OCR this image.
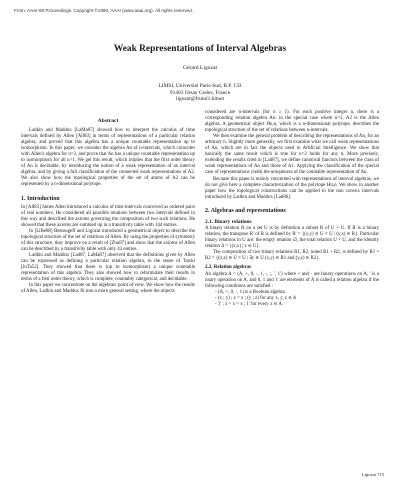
From: AAAI-90 Proceedings. Copyright ©1990, AAAI (www.aaai.org). All rights reserved.
Weak Representations of Interval Algebras
Gérard Ligozat
LIMSI, Université Paris-Sud, B.P. 133
91403 Orsay Cedex, France
ligozat@frutol1.bitnet
Abstract

Ladkin and Maddux [LaMa87] showed how to interpret the calculus of time intervals defined by Allen [All83] in terms of representations of a particular relation algebra, and proved that this algebra has a unique countable representation up to isomorphism. In this paper, we consider the algebra An of n-intervals, which coincides with Allen's algebra for n=2, and prove that An has a unique countable representation up to isomorphism for all n>1. We get this result, which implies that the first order theory of An is decidable, by introducing the notion of a weak representation of an interval algebra, and by giving a full classification of the connected weak representations of A2. We also show how the topological properties of the set of atoms of A2 can be represented by a n-dimensional polytope.

1. Introduction

In [All83] James Allen introduced a calculus of time intervals conceived as ordered pairs of real numbers. He considered all possible relations between two intervals defined in this way and described the axioms governing the composition of two such relations. He showed that these axioms are summed up in a transitivity table with 144 entries.

In [LiBe88] Bestougeff and Ligozat introduced a geometrical object to describe the topological structure of the set of relations of Allen. By using the properties of symmetry of this structure, they improve on a result of [Zhu87] and show that the axioms of Allen can be described by a transitivity table with only 43 entries.

Ladkin and Maddux [Lad87, LaMa87] observed that the definitions given by Allen can be expressed as defining a particular relation algebra, in the sense of Tarski [JoTa52]. They showed that there is (up to isomorphism) a unique countable representation of this algebra. They also showed how to reformulate their results in terms of a first order theory, which is complete, countably categorical, and decidable.

In this paper we concentrate on the algebraic point of view. We show how the results of Allen, Ladkin and Maddux fit into a more general setting, where the objects

considered are n-intervals (for n ≥ 1). For each positive integer n, there is a corresponding relation algebra An: in the special case where n=2, A2 is the Allen algebra. A geometrical object Hn,n, which is a n-dimensional polytope, describes the topological structure of the set of relations between n-intervals.

We then examine the general problem of describing the representations of An, for an arbitrary n. Slightly more generally, we first examine what we call weak representations of An, which are in fact the objects used in Artificial Intelligence. We show that basically the same result which is true for n=2 holds for any n. More precisely, extending the results cited in [Lad87], we define canonical functors between the class of weak representations of An and those of A1. Applying the classification of the special case of representations yields the uniqueness of the countable representation of An.

Because this paper is mainly concerned with representations of interval algebras, we do not give here a complete characterization of the polytope Hn,n. We show in another paper how the topological constructions can be applied to the non convex intervals introduced by Ladkin and Maddux [Lad86].

2. Algebras and representations
2.1. Binary relations

A binary relation R on a set U is by definition a subset R of U × U. If R is a binary relation, the transpose R' of R is defined by R' = {(x,y) ∈ U × U | (y,x) ∈ R}. Particular binary relations in U are: the empty relation ∅, the total relation U × U, and the identity relation Δ = {(x,x) | x ∈ U}.

The composition of two binary relations R1, R2, noted R1 ∘ R2, is defined by R1 ∘ R2 = {(x,z) ∈ U × U | ∃y ∈ U (x,y) ∈ R1 and (y,z) ∈ R2}.

2.2. Relation algebras

An algebra A = (A, +, 0, ·, 1, -, ;, ', 1') where + and · are binary operations on A, ' is a unary operation on A, and 0, 1 and 1' are elements of A is called a relation algebra if the following conditions are satisfied :

- (A, +, 0, ·, 1) is a Boolean algebra.

- (x ; y) ; z = x ; (y ; z) for any x, y, z ∈ A

- 1' ; x = x = x ; 1' for every x ∈ A.

Ligozat 715
